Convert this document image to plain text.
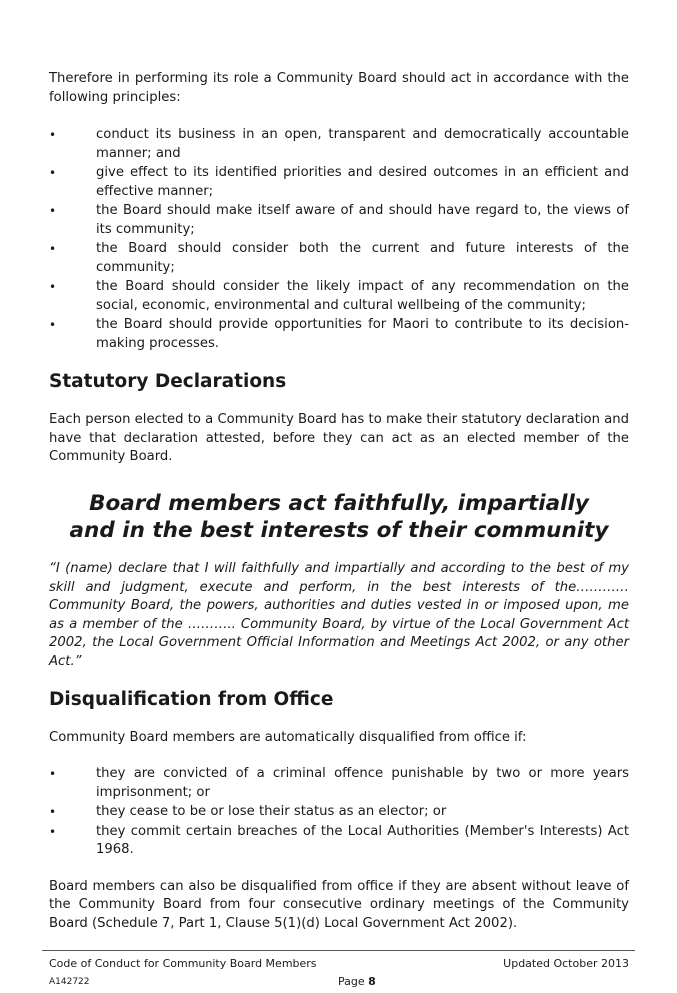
Therefore in performing its role a Community Board should act in accordance with the following principles:

•	conduct its business in an open, transparent and democratically accountable manner; and
•	give effect to its identified priorities and desired outcomes in an efficient and effective manner;
•	the Board should make itself aware of and should have regard to, the views of its community;
•	the Board should consider both the current and future interests of the community;
•	the Board should consider the likely impact of any recommendation on the social, economic, environmental and cultural wellbeing of the community;
•	the Board should provide opportunities for Maori to contribute to its decision-making processes.
Statutory Declarations

Each person elected to a Community Board has to make their statutory declaration and have that declaration attested, before they can act as an elected member of the Community Board.

Board members act faithfully, impartially

and in the best interests of their community

“I (name) declare that I will faithfully and impartially and according to the best of my skill and judgment, execute and perform, in the best interests of the………… Community Board, the powers, authorities and duties vested in or imposed upon, me as a member of the ……….. Community Board, by virtue of the Local Government Act 2002, the Local Government Official Information and Meetings Act 2002, or any other Act.”

Disqualification from Office

Community Board members are automatically disqualified from office if:

•	they are convicted of a criminal offence punishable by two or more years imprisonment; or
•	they cease to be or lose their status as an elector; or
•	they commit certain breaches of the Local Authorities (Member's Interests) Act 1968.

Board members can also be disqualified from office if they are absent without leave of the Community Board from four consecutive ordinary meetings of the Community Board (Schedule 7, Part 1, Clause 5(1)(d) Local Government Act 2002).

Code of Conduct for Community Board Members	Updated October 2013
A142722	Page 8
